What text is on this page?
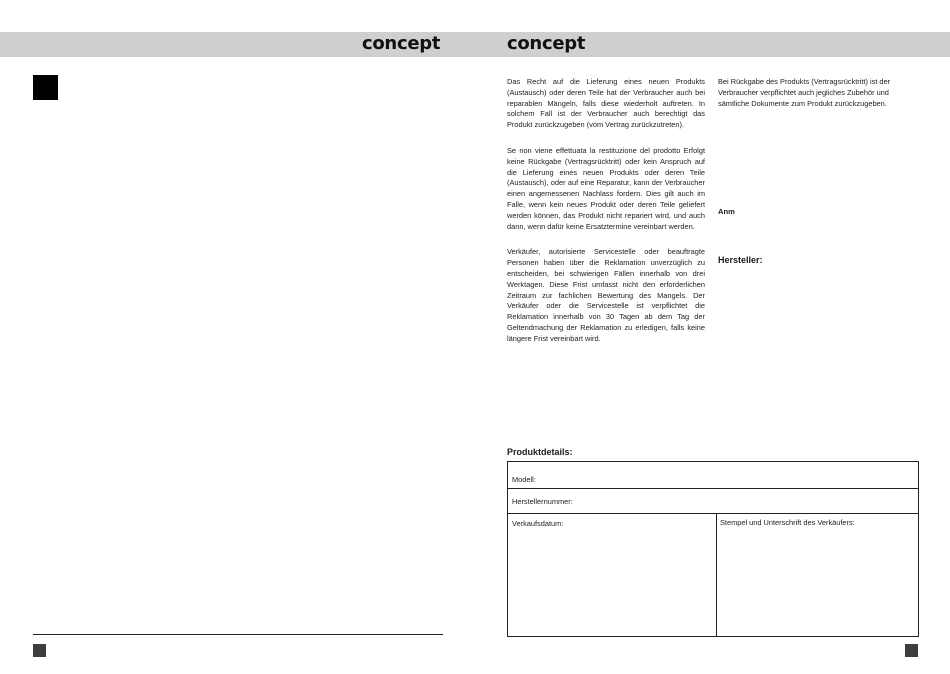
concept	concept

Das Recht auf die Lieferung eines neuen Produkts (Austausch) oder deren Teile hat der Verbraucher auch bei reparablen Mängeln, falls diese wiederholt auftreten. In solchem Fall ist der Verbraucher auch berechtigt das Produkt zurückzugeben (vom Vertrag zurückzutreten).

Se non viene effettuata la restituzione del prodotto Erfolgt keine Rückgabe (Vertragsrücktritt) oder kein Anspruch auf die Lieferung eines neuen Produkts oder deren Teile (Austausch), oder auf eine Reparatur, kann der Verbraucher einen angemessenen Nachlass fordern. Dies gilt auch im Falle, wenn kein neues Produkt oder deren Teile geliefert werden können, das Produkt nicht repariert wird, und auch dann, wenn dafür keine Ersatztermine vereinbart werden.

Verkäufer, autorisierte Servicestelle oder beauftragte Personen haben über die Reklamation unverzüglich zu entscheiden, bei schwierigen Fällen innerhalb von drei Werktagen. Diese Frist umfasst nicht den erforderlichen Zeitraum zur fachlichen Bewertung des Mangels. Der Verkäufer oder die Servicestelle ist verpflichtet die Reklamation innerhalb von 30 Tagen ab dem Tag der Geltendmachung der Reklamation zu erledigen, falls keine längere Frist vereinbart wird.

Bei Rückgabe des Produkts (Vertragsrücktritt) ist der Verbraucher verpflichtet auch jegliches Zubehör und sämtliche Dokumente zum Produkt zurückzugeben.
Anm
Hersteller:
Produktdetails:
Modell:
Herstellernummer:
Verkaufsdatum:	Stempel und Unterschrift des Verkäufers:
